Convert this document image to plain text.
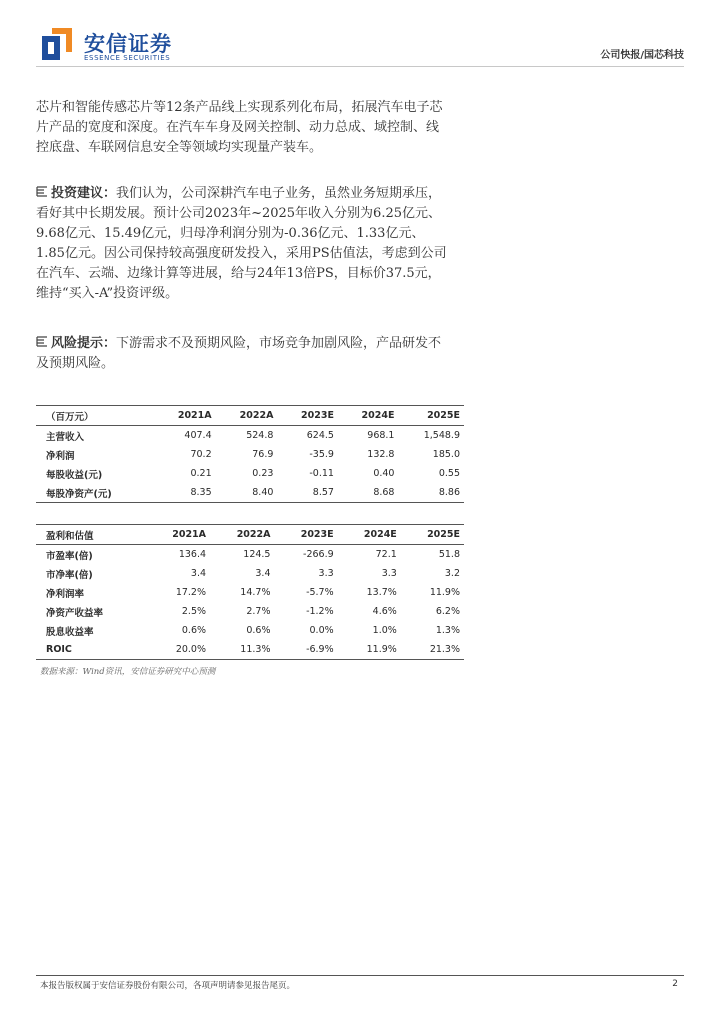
安信证券
ESSENCE SECURITIES	公司快报/国芯科技
芯片和智能传感芯片等12条产品线上实现系列化布局，拓展汽车电子芯片产品的宽度和深度。在汽车车身及网关控制、动力总成、域控制、线控底盘、车联网信息安全等领域均实现量产装车。
投资建议：我们认为，公司深耕汽车电子业务，虽然业务短期承压，看好其中长期发展。预计公司2023年~2025年收入分别为6.25亿元、9.68亿元、15.49亿元，归母净利润分别为-0.36亿元、1.33亿元、1.85亿元。因公司保持较高强度研发投入，采用PS估值法，考虑到公司在汽车、云端、边缘计算等进展，给与24年13倍PS，目标价37.5元，维持“买入-A”投资评级。
风险提示：下游需求不及预期风险，市场竞争加剧风险，产品研发不及预期风险。
（百万元）	2021A	2022A	2023E	2024E	2025E
主营收入	407.4	524.8	624.5	968.1	1,548.9
净利润	70.2	76.9	-35.9	132.8	185.0
每股收益(元)	0.21	0.23	-0.11	0.40	0.55
每股净资产(元)	8.35	8.40	8.57	8.68	8.86
盈利和估值	2021A	2022A	2023E	2024E	2025E
市盈率(倍)	136.4	124.5	-266.9	72.1	51.8
市净率(倍)	3.4	3.4	3.3	3.3	3.2
净利润率	17.2%	14.7%	-5.7%	13.7%	11.9%
净资产收益率	2.5%	2.7%	-1.2%	4.6%	6.2%
股息收益率	0.6%	0.6%	0.0%	1.0%	1.3%
ROIC	20.0%	11.3%	-6.9%	11.9%	21.3%
数据来源：Wind资讯，安信证券研究中心预测
本报告版权属于安信证券股份有限公司，各项声明请参见报告尾页。	2
